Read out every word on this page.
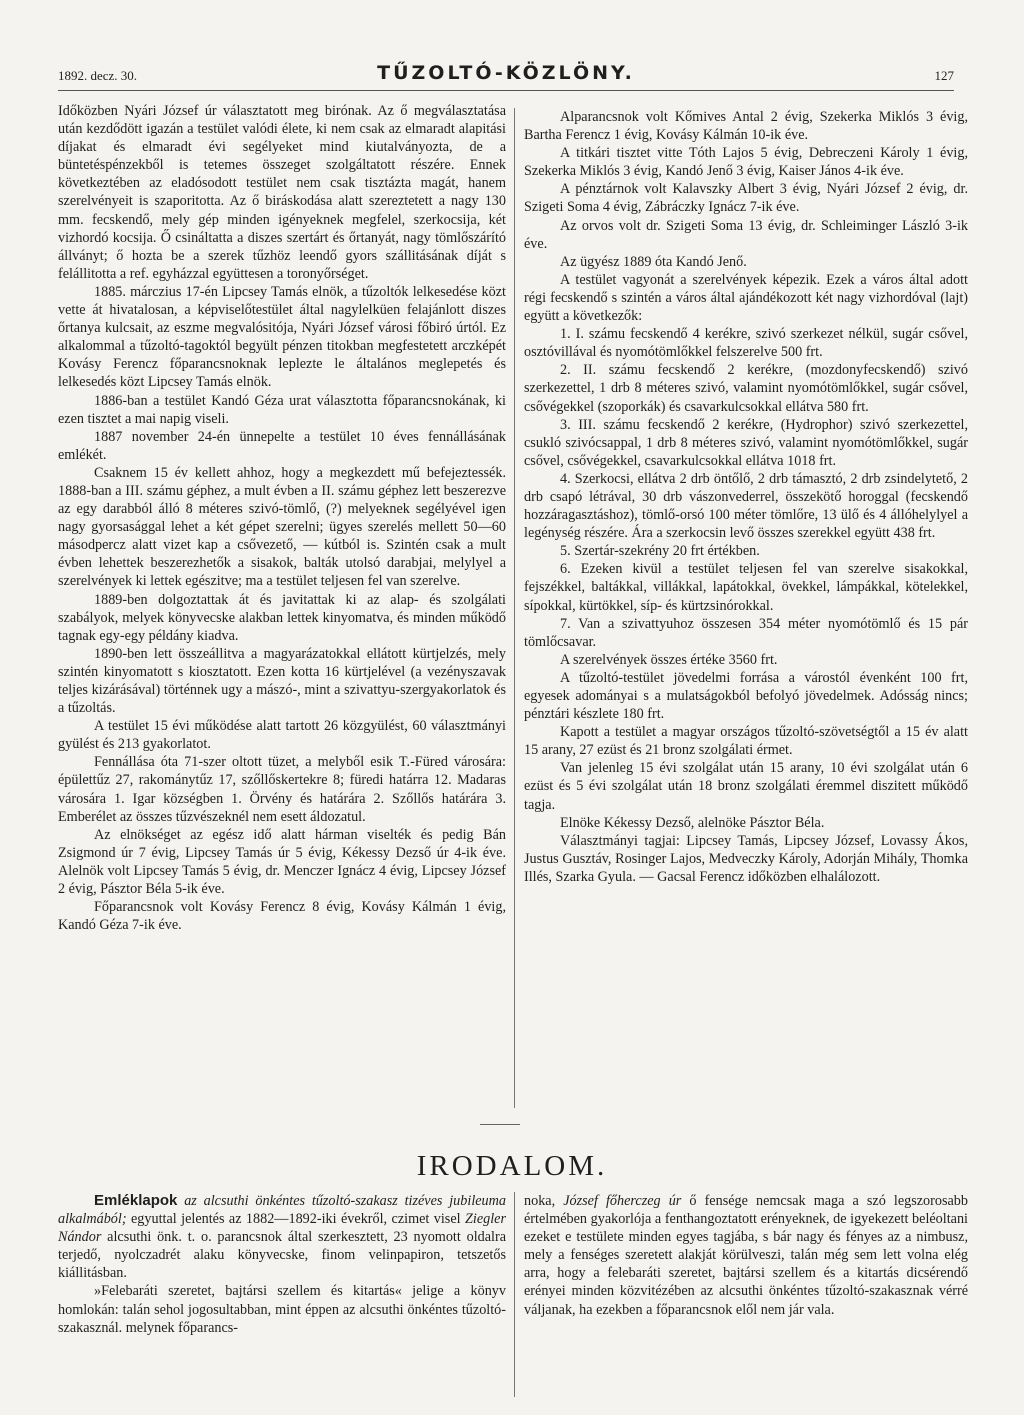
1892. decz. 30.	TŰZOLTÓ-KÖZLÖNY.	127

Időközben Nyári József úr választatott meg birónak. Az ő megválasztatása után kezdődött igazán a testület valódi élete, ki nem csak az elmaradt alapitási díjakat és elmaradt évi segélyeket mind kiutalványozta, de a büntetéspénzekből is tetemes összeget szolgáltatott részére. Ennek következtében az eladósodott testület nem csak tisztázta magát, hanem szerelvényeit is szaporitotta. Az ő biráskodása alatt szereztetett a nagy 130 mm. fecskendő, mely gép minden igényeknek megfelel, szerkocsija, két vizhordó kocsija. Ő csináltatta a diszes szertárt és őrtanyát, nagy tömlőszárító állványt; ő hozta be a szerek tűzhöz leendő gyors szállitásának díját s felállitotta a ref. egyházzal együttesen a toronyőrséget.

1885. márczius 17-én Lipcsey Tamás elnök, a tűzoltók lelkesedése közt vette át hivatalosan, a képviselőtestület által nagylelküen felajánlott diszes őrtanya kulcsait, az eszme megvalósitója, Nyári József városi főbiró úrtól. Ez alkalommal a tűzoltó-tagoktól begyült pénzen titokban megfestetett arczképét Kovásy Ferencz főparancsnoknak leplezte le általános meglepetés és lelkesedés közt Lipcsey Tamás elnök.

1886-ban a testület Kandó Géza urat választotta főparancsnokának, ki ezen tisztet a mai napig viseli.

1887 november 24-én ünnepelte a testület 10 éves fennállásának emlékét.

Csaknem 15 év kellett ahhoz, hogy a megkezdett mű befejeztessék. 1888-ban a III. számu géphez, a mult évben a II. számu géphez lett beszerezve az egy darabból álló 8 méteres szivó-tömlő, (?) melyeknek segélyével igen nagy gyorsasággal lehet a két gépet szerelni; ügyes szerelés mellett 50—60 másodpercz alatt vizet kap a csővezető, — kútból is. Szintén csak a mult évben lehettek beszerezhetők a sisakok, balták utolsó darabjai, melylyel a szerelvények ki lettek egészitve; ma a testület teljesen fel van szerelve.

1889-ben dolgoztattak át és javitattak ki az alap- és szolgálati szabályok, melyek könyvecske alakban lettek kinyomatva, és minden működő tagnak egy-egy példány kiadva.

1890-ben lett összeállitva a magyarázatokkal ellátott kürtjelzés, mely szintén kinyomatott s kiosztatott. Ezen kotta 16 kürtjelével (a vezényszavak teljes kizárásával) történnek ugy a mászó-, mint a szivattyu-szergyakorlatok és a tűzoltás.

A testület 15 évi működése alatt tartott 26 közgyülést, 60 választmányi gyülést és 213 gyakorlatot.

Fennállása óta 71-szer oltott tüzet, a melyből esik T.-Füred városára: épülettűz 27, rakománytűz 17, szőllőskertekre 8; füredi határra 12. Madaras városára 1. Igar községben 1. Örvény és határára 2. Szőllős határára 3. Emberélet az összes tűzvészeknél nem esett áldozatul.

Az elnökséget az egész idő alatt hárman viselték és pedig Bán Zsigmond úr 7 évig, Lipcsey Tamás úr 5 évig, Kékessy Dezső úr 4-ik éve. Alelnök volt Lipcsey Tamás 5 évig, dr. Menczer Ignácz 4 évig, Lipcsey József 2 évig, Pásztor Béla 5-ik éve.

Főparancsnok volt Kovásy Ferencz 8 évig, Kovásy Kálmán 1 évig, Kandó Géza 7-ik éve.

Alparancsnok volt Kőmives Antal 2 évig, Szekerka Miklós 3 évig, Bartha Ferencz 1 évig, Kovásy Kálmán 10-ik éve.

A titkári tisztet vitte Tóth Lajos 5 évig, Debreczeni Károly 1 évig, Szekerka Miklós 3 évig, Kandó Jenő 3 évig, Kaiser János 4-ik éve.

A pénztárnok volt Kalavszky Albert 3 évig, Nyári József 2 évig, dr. Szigeti Soma 4 évig, Zábráczky Ignácz 7-ik éve.

Az orvos volt dr. Szigeti Soma 13 évig, dr. Schleiminger László 3-ik éve.

Az ügyész 1889 óta Kandó Jenő.

A testület vagyonát a szerelvények képezik. Ezek a város által adott régi fecskendő s szintén a város által ajándékozott két nagy vizhordóval (lajt) együtt a következők:

1. I. számu fecskendő 4 kerékre, szivó szerkezet nélkül, sugár csővel, osztóvillával és nyomótömlőkkel felszerelve 500 frt.

2. II. számu fecskendő 2 kerékre, (mozdonyfecskendő) szivó szerkezettel, 1 drb 8 méteres szivó, valamint nyomótömlőkkel, sugár csővel, csővégekkel (szoporkák) és csavarkulcsokkal ellátva 580 frt.

3. III. számu fecskendő 2 kerékre, (Hydrophor) szivó szerkezettel, csukló szivócsappal, 1 drb 8 méteres szivó, valamint nyomótömlőkkel, sugár csővel, csővégekkel, csavarkulcsokkal ellátva 1018 frt.

4. Szerkocsi, ellátva 2 drb öntőlő, 2 drb támasztó, 2 drb zsindelytető, 2 drb csapó létrával, 30 drb vászonvederrel, összekötő horoggal (fecskendő hozzáragasztáshoz), tömlő-orsó 100 méter tömlőre, 13 ülő és 4 állóhelylyel a legénység részére. Ára a szerkocsin levő összes szerekkel együtt 438 frt.

5. Szertár-szekrény 20 frt értékben.

6. Ezeken kivül a testület teljesen fel van szerelve sisakokkal, fejszékkel, baltákkal, villákkal, lapátokkal, övekkel, lámpákkal, kötelekkel, sípokkal, kürtökkel, síp- és kürtzsinórokkal.

7. Van a szivattyuhoz összesen 354 méter nyomótömlő és 15 pár tömlőcsavar.

A szerelvények összes értéke 3560 frt.

A tűzoltó-testület jövedelmi forrása a várostól évenként 100 frt, egyesek adományai s a mulatságokból befolyó jövedelmek. Adósság nincs; pénztári készlete 180 frt.

Kapott a testület a magyar országos tűzoltó-szövetségtől a 15 év alatt 15 arany, 27 ezüst és 21 bronz szolgálati érmet.

Van jelenleg 15 évi szolgálat után 15 arany, 10 évi szolgálat után 6 ezüst és 5 évi szolgálat után 18 bronz szolgálati éremmel diszitett működő tagja.

Elnöke Kékessy Dezső, alelnöke Pásztor Béla.

Választmányi tagjai: Lipcsey Tamás, Lipcsey József, Lovassy Ákos, Justus Gusztáv, Rosinger Lajos, Medveczky Károly, Adorján Mihály, Thomka Illés, Szarka Gyula. — Gacsal Ferencz időközben elhalálozott.

IRODALOM.

Emléklapok az alcsuthi önkéntes tűzoltó-szakasz tizéves jubileuma alkalmából; egyuttal jelentés az 1882—1892-iki évekről, czimet visel Ziegler Nándor alcsuthi önk. t. o. parancsnok által szerkesztett, 23 nyomott oldalra terjedő, nyolczadrét alaku könyvecske, finom velinpapiron, tetszetős kiállitásban.

»Felebaráti szeretet, bajtársi szellem és kitartás« jelige a könyv homlokán: talán sehol jogosultabban, mint éppen az alcsuthi önkéntes tűzoltó-szakasznál. melynek főparancs-

noka, József főherczeg úr ő fensége nemcsak maga a szó legszorosabb értelmében gyakorlója a fenthangoztatott erényeknek, de igyekezett beléoltani ezeket e testülete minden egyes tagjába, s bár nagy és fényes az a nimbusz, mely a fenséges szeretett alakját körülveszi, talán még sem lett volna elég arra, hogy a felebaráti szeretet, bajtársi szellem és a kitartás dicsérendő erényei minden közvitézében az alcsuthi önkéntes tűzoltó-szakasznak vérré váljanak, ha ezekben a főparancsnok elől nem jár vala.
